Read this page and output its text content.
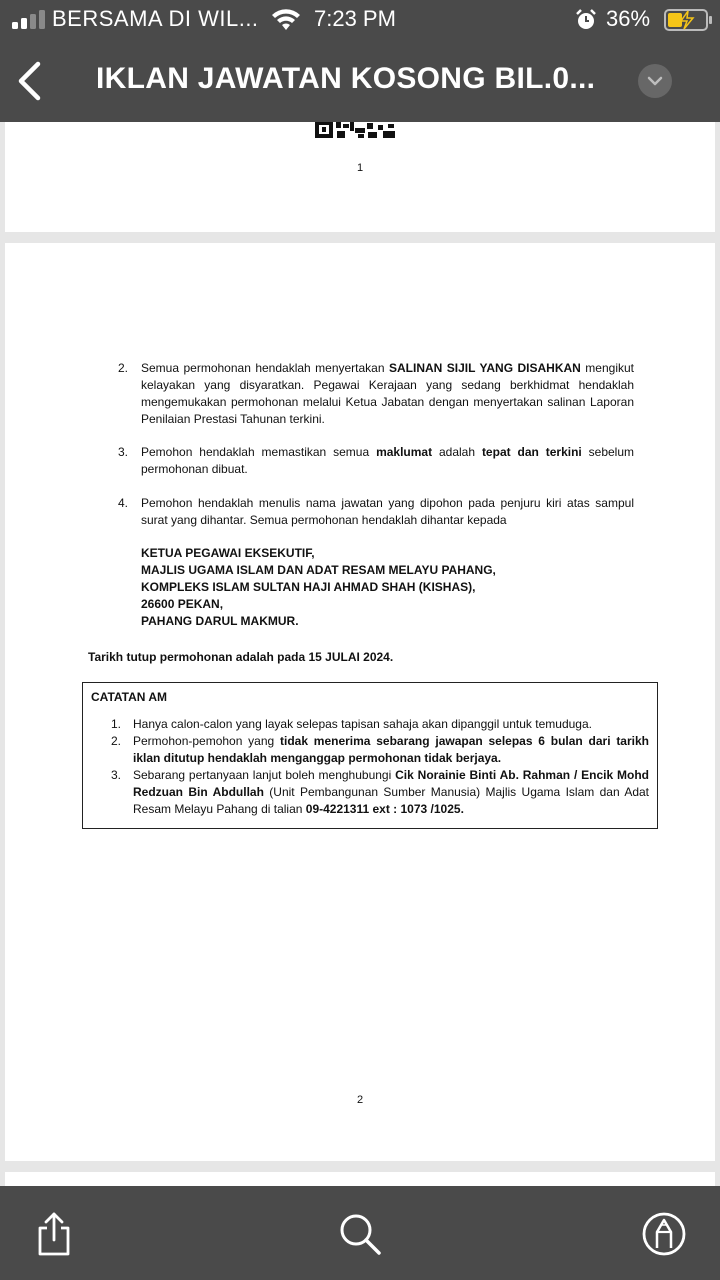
BERSAMA DI WIL...	7:23 PM	36%
IKLAN JAWATAN KOSONG BIL.0...
1
2. Semua permohonan hendaklah menyertakan SALINAN SIJIL YANG DISAHKAN mengikut kelayakan yang disyaratkan. Pegawai Kerajaan yang sedang berkhidmat hendaklah mengemukakan permohonan melalui Ketua Jabatan dengan menyertakan salinan Laporan Penilaian Prestasi Tahunan terkini.
3. Pemohon hendaklah memastikan semua maklumat adalah tepat dan terkini sebelum permohonan dibuat.
4. Pemohon hendaklah menulis nama jawatan yang dipohon pada penjuru kiri atas sampul surat yang dihantar. Semua permohonan hendaklah dihantar kepada
KETUA PEGAWAI EKSEKUTIF,
MAJLIS UGAMA ISLAM DAN ADAT RESAM MELAYU PAHANG,
KOMPLEKS ISLAM SULTAN HAJI AHMAD SHAH (KISHAS),
26600 PEKAN,
PAHANG DARUL MAKMUR.
Tarikh tutup permohonan adalah pada 15 JULAI 2024.
CATATAN AM
1. Hanya calon-calon yang layak selepas tapisan sahaja akan dipanggil untuk temuduga.
2. Permohon-pemohon yang tidak menerima sebarang jawapan selepas 6 bulan dari tarikh iklan ditutup hendaklah menganggap permohonan tidak berjaya.
3. Sebarang pertanyaan lanjut boleh menghubungi Cik Norainie Binti Ab. Rahman / Encik Mohd Redzuan Bin Abdullah (Unit Pembangunan Sumber Manusia) Majlis Ugama Islam dan Adat Resam Melayu Pahang di talian 09-4221311 ext : 1073 /1025.
2
